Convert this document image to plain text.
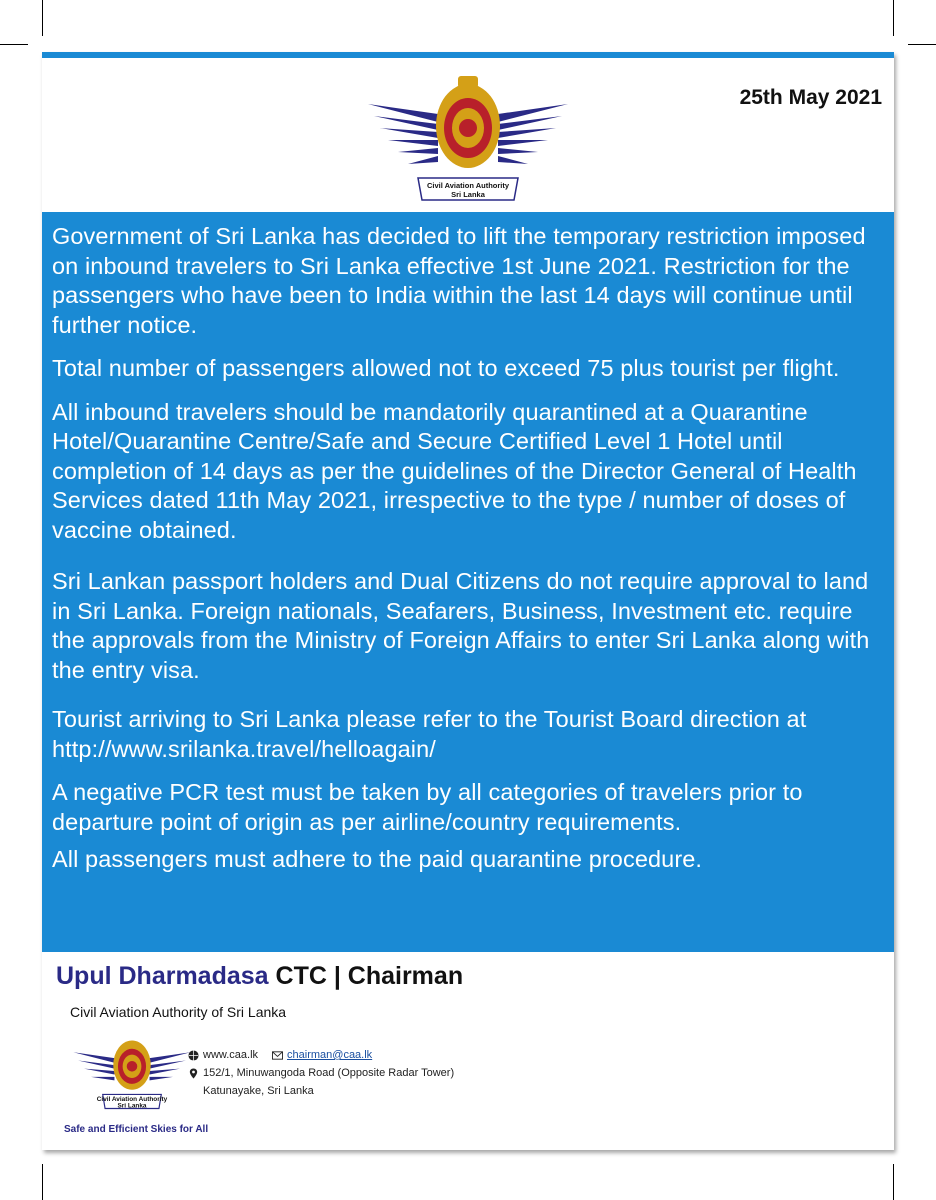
Civil Aviation Authority
Sri Lanka
25th May 2021

Government of Sri Lanka has decided to lift the temporary restriction imposed on inbound travelers to Sri Lanka effective 1st June 2021. Restriction for the passengers who have been to India within the last 14 days will continue until further notice.

Total number of passengers allowed not to exceed 75 plus tourist per flight.

All inbound travelers should be mandatorily quarantined at a Quarantine Hotel/Quarantine Centre/Safe and Secure Certified Level 1 Hotel until completion of 14 days as per the guidelines of the Director General of Health Services dated 11th May 2021, irrespective to the type / number of doses of vaccine obtained.

Sri Lankan passport holders and Dual Citizens do not require approval to land in Sri Lanka. Foreign nationals, Seafarers, Business, Investment etc. require the approvals from the Ministry of Foreign Affairs to enter Sri Lanka along with the entry visa.

Tourist arriving to Sri Lanka please refer to the Tourist Board direction at http://www.srilanka.travel/helloagain/

A negative PCR test must be taken by all categories of travelers prior to departure point of origin as per airline/country requirements.

All passengers must adhere to the paid quarantine procedure.

Upul Dharmadasa CTC | Chairman
Civil Aviation Authority of Sri Lanka
Civil Aviation Authority
Sri Lanka
www.caa.lk	chairman@caa.lk
152/1, Minuwangoda Road (Opposite Radar Tower)
Katunayake, Sri Lanka
Safe and Efficient Skies for All
